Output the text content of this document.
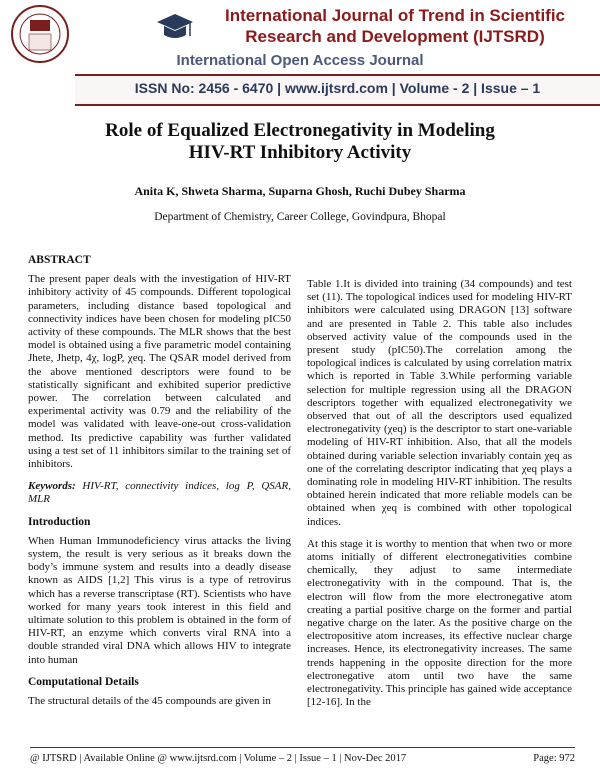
International Journal of Trend in Scientific
Research and Development (IJTSRD)
International Open Access Journal
ISSN No: 2456 - 6470 | www.ijtsrd.com | Volume - 2 | Issue – 1
Role of Equalized Electronegativity in Modeling
HIV-RT Inhibitory Activity
Anita K, Shweta Sharma, Suparna Ghosh, Ruchi Dubey Sharma
Department of Chemistry, Career College, Govindpura, Bhopal
ABSTRACT

The present paper deals with the investigation of HIV-RT inhibitory activity of 45 compounds. Different topological parameters, including distance based topological and connectivity indices have been chosen for modeling pIC50 activity of these compounds. The MLR shows that the best model is obtained using a five parametric model containing Jhete, Jhetp, 4χ, logP, χeq. The QSAR model derived from the above mentioned descriptors were found to be statistically significant and exhibited superior predictive power. The correlation between calculated and experimental activity was 0.79 and the reliability of the model was validated with leave-one-out cross-validation method. Its predictive capability was further validated using a test set of 11 inhibitors similar to the training set of inhibitors.

Keywords: HIV-RT, connectivity indices, log P, QSAR, MLR

Introduction

When Human Immunodeficiency virus attacks the living system, the result is very serious as it breaks down the body’s immune system and results into a deadly disease known as AIDS [1,2] This virus is a type of retrovirus which has a reverse transcriptase (RT). Scientists who have worked for many years took interest in this field and ultimate solution to this problem is obtained in the form of HIV-RT, an enzyme which converts viral RNA into a double stranded viral DNA which allows HIV to integrate into human

Computational Details

The structural details of the 45 compounds are given in

Table 1.It is divided into training (34 compounds) and test set (11). The topological indices used for modeling HIV-RT inhibitors were calculated using DRAGON [13] software and are presented in Table 2. This table also includes observed activity value of the compounds used in the present study (pIC50).The correlation among the topological indices is calculated by using correlation matrix which is reported in Table 3.While performing variable selection for multiple regression using all the DRAGON descriptors together with equalized electronegativity we observed that out of all the descriptors used equalized electronegativity (χeq) is the descriptor to start one-variable modeling of HIV-RT inhibition. Also, that all the models obtained during variable selection invariably contain χeq as one of the correlating descriptor indicating that χeq plays a dominating role in modeling HIV-RT inhibition. The results obtained herein indicated that more reliable models can be obtained when χeq is combined with other topological indices.

At this stage it is worthy to mention that when two or more atoms initially of different electronegativities combine chemically, they adjust to same intermediate electronegativity with in the compound. That is, the electron will flow from the more electronegative atom creating a partial positive charge on the former and partial negative charge on the later. As the positive charge on the electropositive atom increases, its effective nuclear charge increases. Hence, its electronegativity increases. The same trends happening in the opposite direction for the more electronegative atom until two have the same electronegativity. This principle has gained wide acceptance [12-16]. In the

@ IJTSRD | Available Online @ www.ijtsrd.com | Volume – 2 | Issue – 1 | Nov-Dec 2017	Page: 972
